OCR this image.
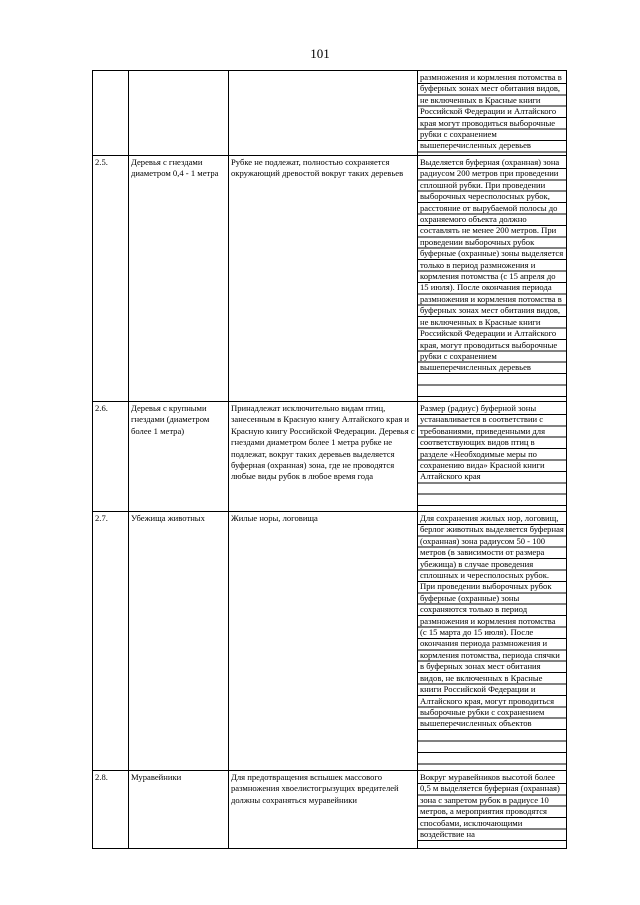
101
			размножения и кормления потомства в буферных зонах мест обитания видов, не включенных в Красные книги Российской Федерации и Алтайского края могут проводиться выборочные рубки с сохранением вышеперечисленных деревьев
2.5.	Деревья с гнездами диаметром 0,4 - 1 метра	Рубке не подлежат, полностью сохраняется окружающий древостой вокруг таких деревьев	Выделяется буферная (охранная) зона радиусом 200 метров при проведении сплошной рубки. При проведении выборочных чересполосных рубок, расстояние от вырубаемой полосы до охраняемого объекта должно составлять не менее 200 метров. При проведении выборочных рубок буферные (охранные) зоны выделяется только в период размножения и кормления потомства (с 15 апреля до 15 июля). После окончания периода размножения и кормления потомства в буферных зонах мест обитания видов, не включенных в Красные книги Российской Федерации и Алтайского края, могут проводиться выборочные рубки с сохранением вышеперечисленных деревьев
2.6.	Деревья с крупными гнездами (диаметром более 1 метра)	Принадлежат исключительно видам птиц, занесенным в Красную книгу Алтайского края и Красную книгу Российской Федерации. Деревья с гнездами диаметром более 1 метра рубке не подлежат, вокруг таких деревьев выделяется буферная (охранная) зона, где не проводятся любые виды рубок в любое время года	Размер (радиус) буферной зоны устанавливается в соответствии с требованиями, приведенными для соответствующих видов птиц в разделе «Необходимые меры по сохранению вида» Красной книги Алтайского края
2.7.	Убежища животных	Жилые норы, логовища	Для сохранения жилых нор, логовищ, берлог животных выделяется буферная (охранная) зона радиусом 50 - 100 метров (в зависимости от размера убежища) в случае проведения сплошных и чересполосных рубок. При проведении выборочных рубок буферные (охранные) зоны сохраняются только в период размножения и кормления потомства (с 15 марта до 15 июля). После окончания периода размножения и кормления потомства, периода спячки в буферных зонах мест обитания видов, не включенных в Красные книги Российской Федерации и Алтайского края, могут проводиться выборочные рубки с сохранением вышеперечисленных объектов
2.8.	Муравейники	Для предотвращения вспышек массового размножения хвоелистогрызущих вредителей должны сохраняться муравейники	Вокруг муравейников высотой более 0,5 м выделяется буферная (охранная) зона с запретом рубок в радиусе 10 метров, а мероприятия проводятся способами, исключающими воздействие на
